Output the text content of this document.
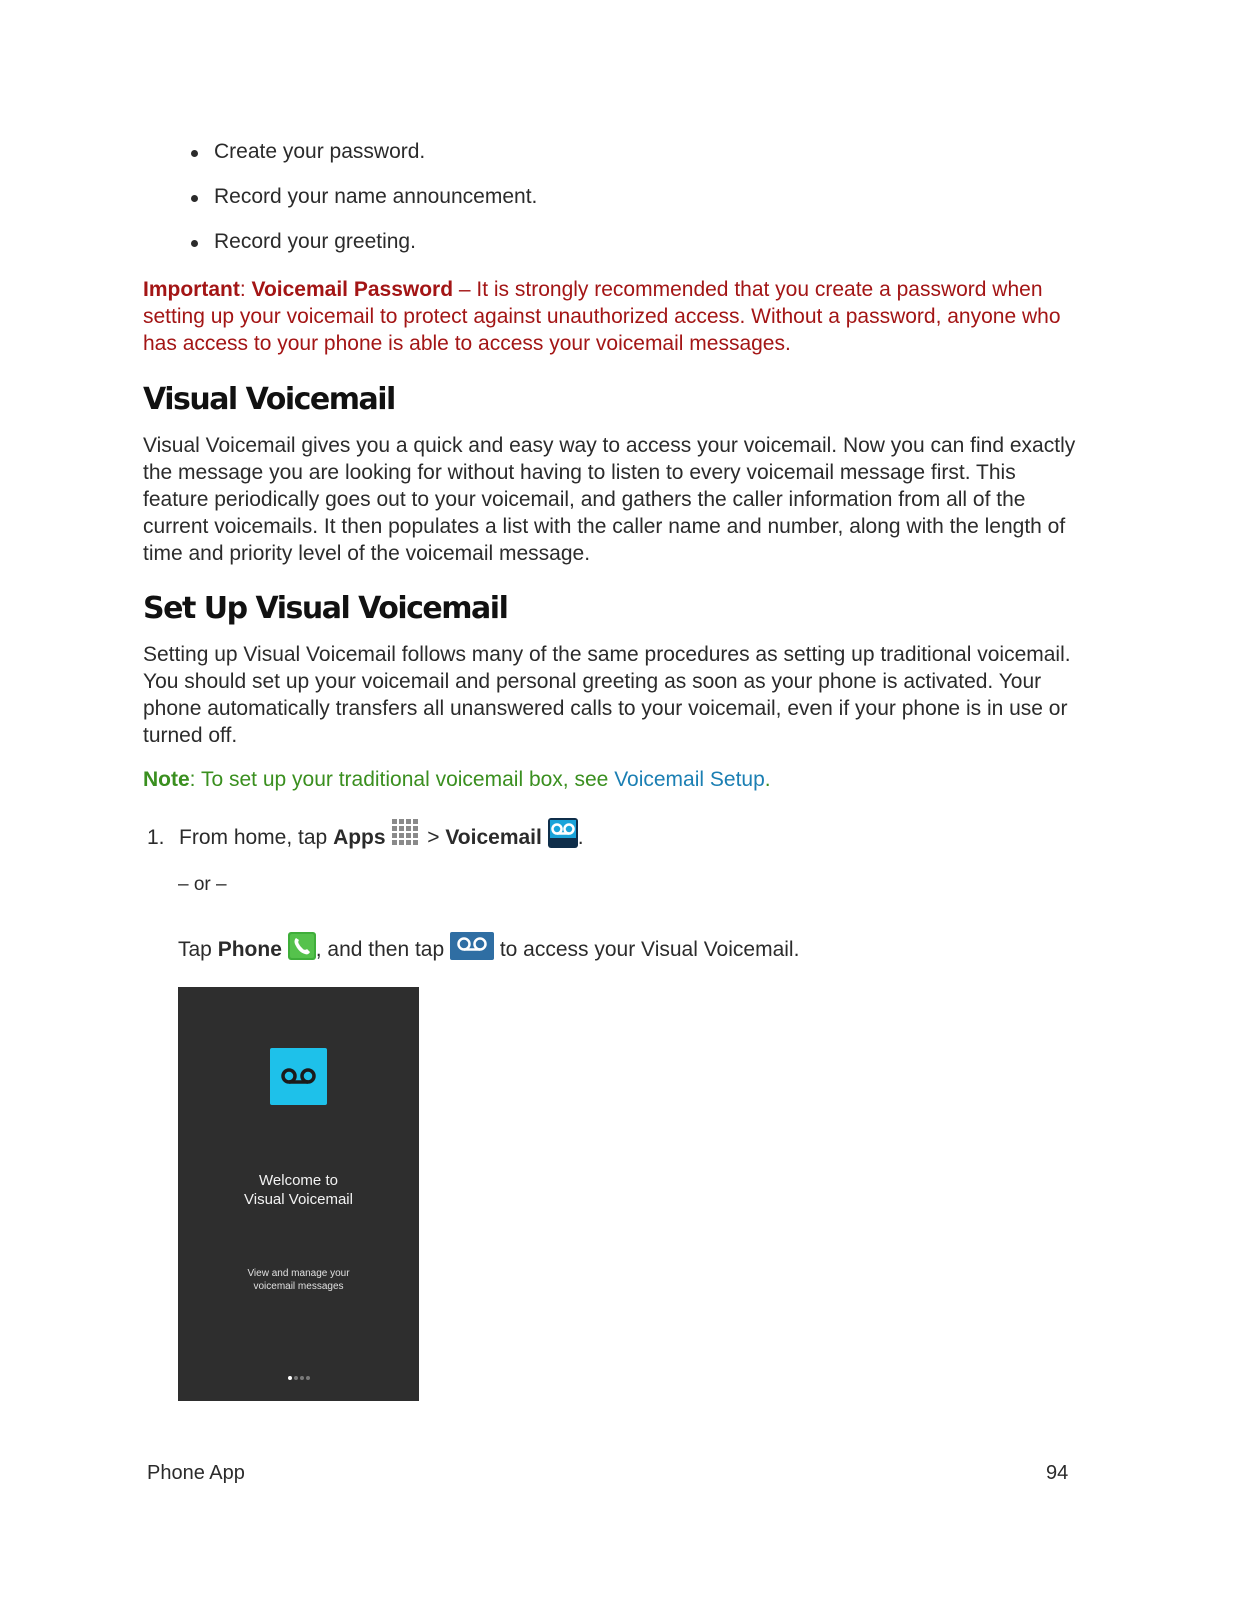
Create your password.
Record your name announcement.
Record your greeting.
Important: Voicemail Password – It is strongly recommended that you create a password when setting up your voicemail to protect against unauthorized access. Without a password, anyone who has access to your phone is able to access your voicemail messages.
Visual Voicemail

Visual Voicemail gives you a quick and easy way to access your voicemail. Now you can find exactly the message you are looking for without having to listen to every voicemail message first. This feature periodically goes out to your voicemail, and gathers the caller information from all of the current voicemails. It then populates a list with the caller name and number, along with the length of time and priority level of the voicemail message.

Set Up Visual Voicemail

Setting up Visual Voicemail follows many of the same procedures as setting up traditional voicemail. You should set up your voicemail and personal greeting as soon as your phone is activated. Your phone automatically transfers all unanswered calls to your voicemail, even if your phone is in use or turned off.

Note: To set up your traditional voicemail box, see Voicemail Setup.
1. From home, tap Apps  > Voicemail .
– or –
Tap Phone , and then tap  to access your Visual Voicemail.
Welcome to
Visual Voicemail
View and manage your
voicemail messages
Phone App	94
